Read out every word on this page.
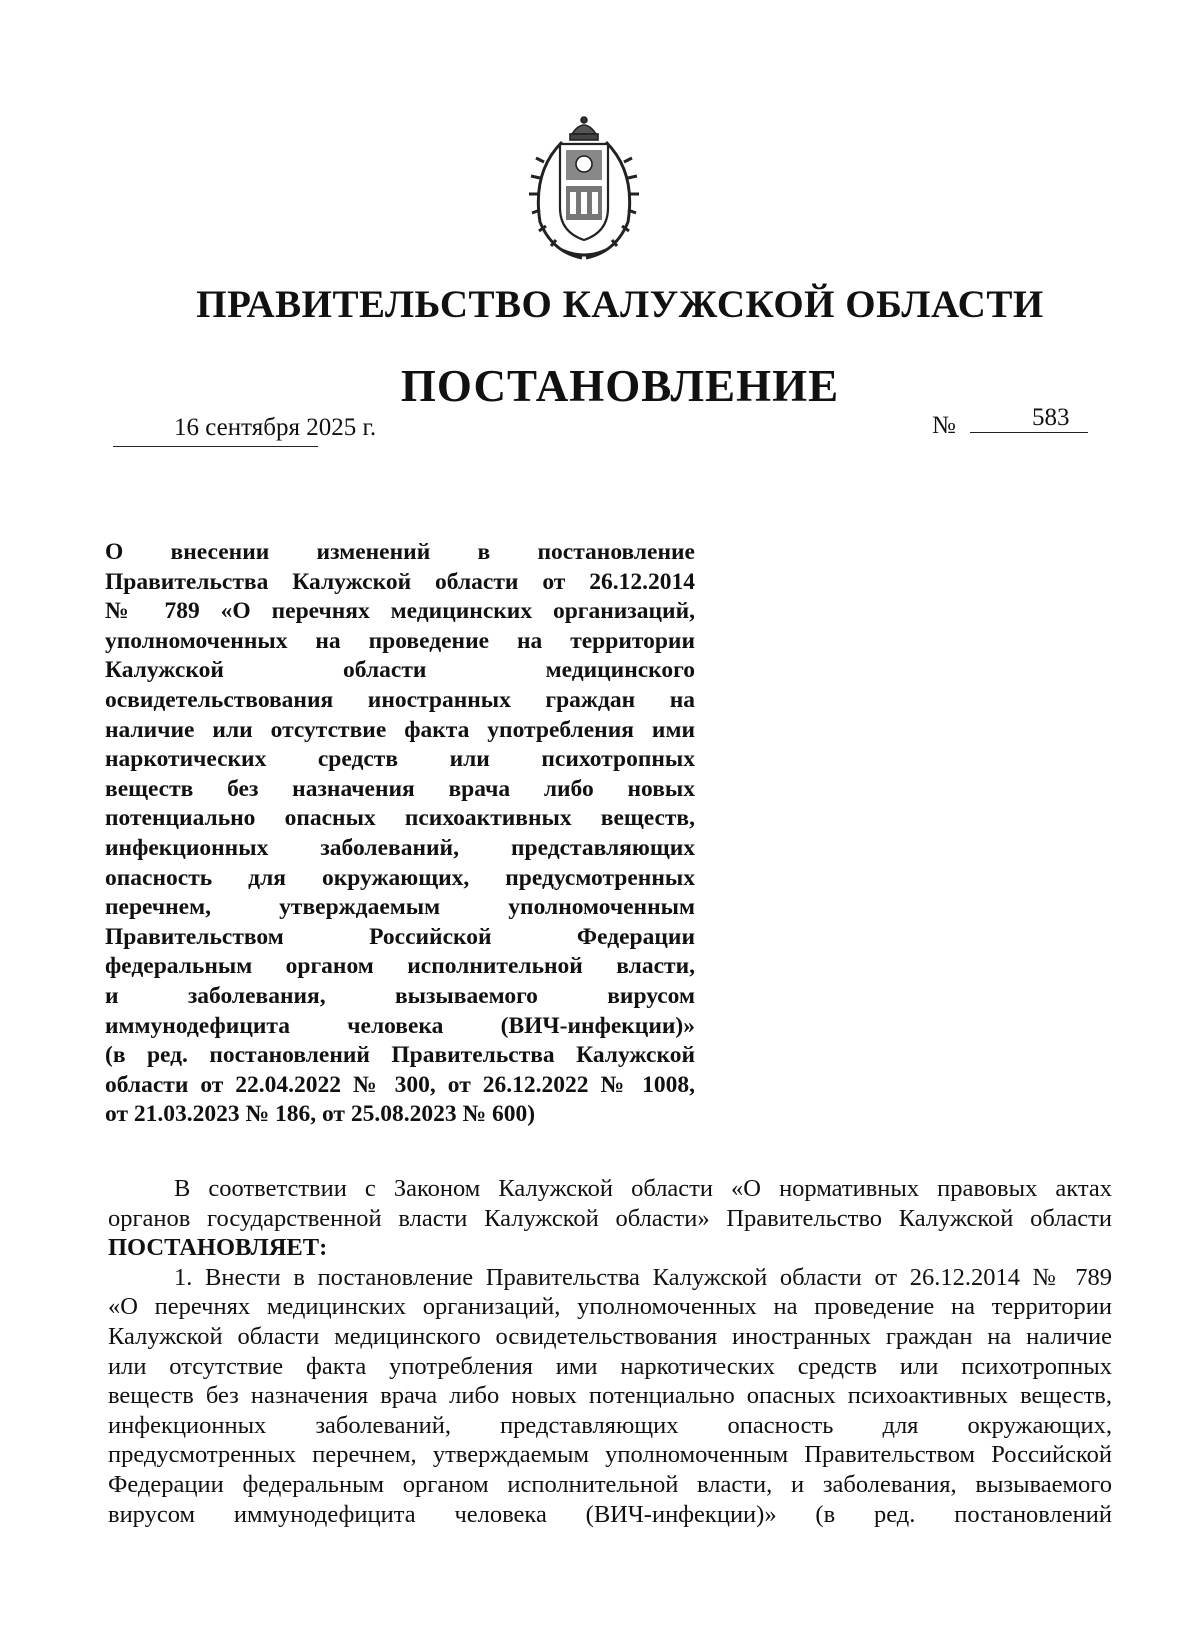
ПРАВИТЕЛЬСТВО КАЛУЖСКОЙ ОБЛАСТИ
ПОСТАНОВЛЕНИЕ
16 сентября 2025 г.	№	583
О внесении изменений в постановление
Правительства Калужской области от 26.12.2014
№ 789 «О перечнях медицинских организаций,
уполномоченных на проведение на территории
Калужской области медицинского
освидетельствования иностранных граждан на
наличие или отсутствие факта употребления ими
наркотических средств или психотропных
веществ без назначения врача либо новых
потенциально опасных психоактивных веществ,
инфекционных заболеваний, представляющих
опасность для окружающих, предусмотренных
перечнем, утверждаемым уполномоченным
Правительством Российской Федерации
федеральным органом исполнительной власти,
и заболевания, вызываемого вирусом
иммунодефицита человека (ВИЧ-инфекции)»
(в ред. постановлений Правительства Калужской
области от 22.04.2022 № 300, от 26.12.2022 № 1008,
от 21.03.2023 № 186, от 25.08.2023 № 600)
В соответствии с Законом Калужской области «О нормативных правовых актах
органов государственной власти Калужской области» Правительство Калужской области
ПОСТАНОВЛЯЕТ:
1. Внести в постановление Правительства Калужской области от 26.12.2014 № 789
«О перечнях медицинских организаций, уполномоченных на проведение на территории
Калужской области медицинского освидетельствования иностранных граждан на наличие
или отсутствие факта употребления ими наркотических средств или психотропных
веществ без назначения врача либо новых потенциально опасных психоактивных веществ,
инфекционных заболеваний, представляющих опасность для окружающих,
предусмотренных перечнем, утверждаемым уполномоченным Правительством Российской
Федерации федеральным органом исполнительной власти, и заболевания, вызываемого
вирусом иммунодефицита человека (ВИЧ-инфекции)» (в ред. постановлений
